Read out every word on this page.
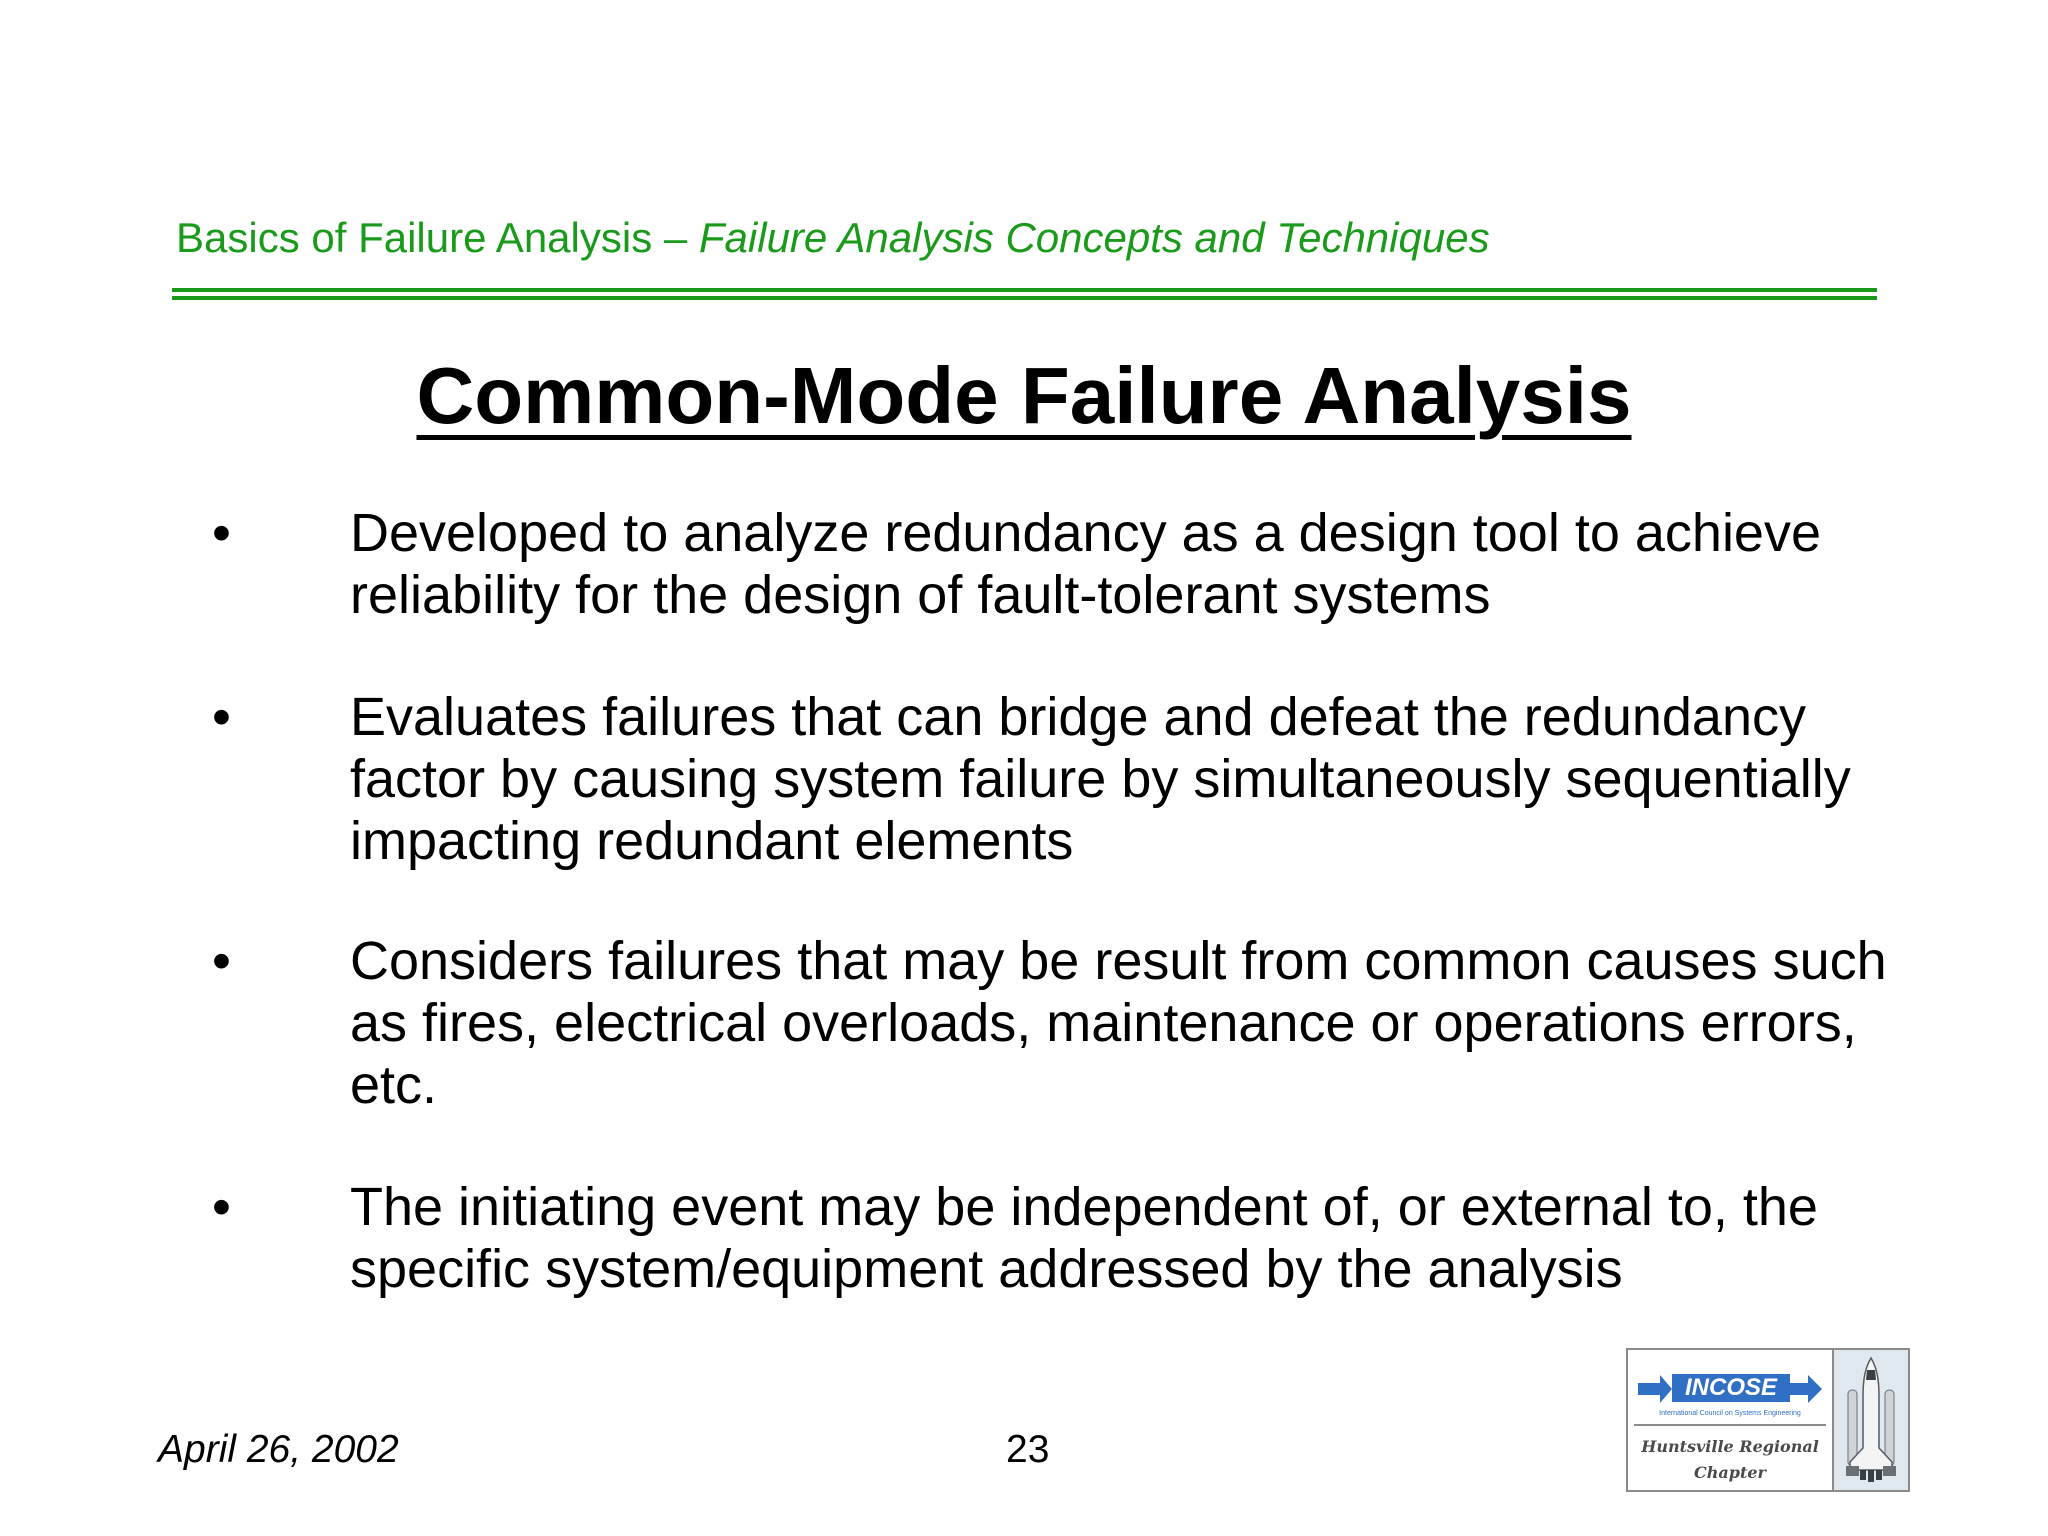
Basics of Failure Analysis – Failure Analysis Concepts and Techniques
Common-Mode Failure Analysis
• Developed to analyze redundancy as a design tool to achieve reliability for the design of fault-tolerant systems
• Evaluates failures that can bridge and defeat the redundancy factor by causing system failure by simultaneously sequentially impacting redundant elements
• Considers failures that may be result from common causes such as fires, electrical overloads, maintenance or operations errors, etc.
• The initiating event may be independent of, or external to, the specific system/equipment addressed by the analysis
April 26, 2002	23
INCOSE
International Council on Systems Engineering
Huntsville Regional
Chapter
